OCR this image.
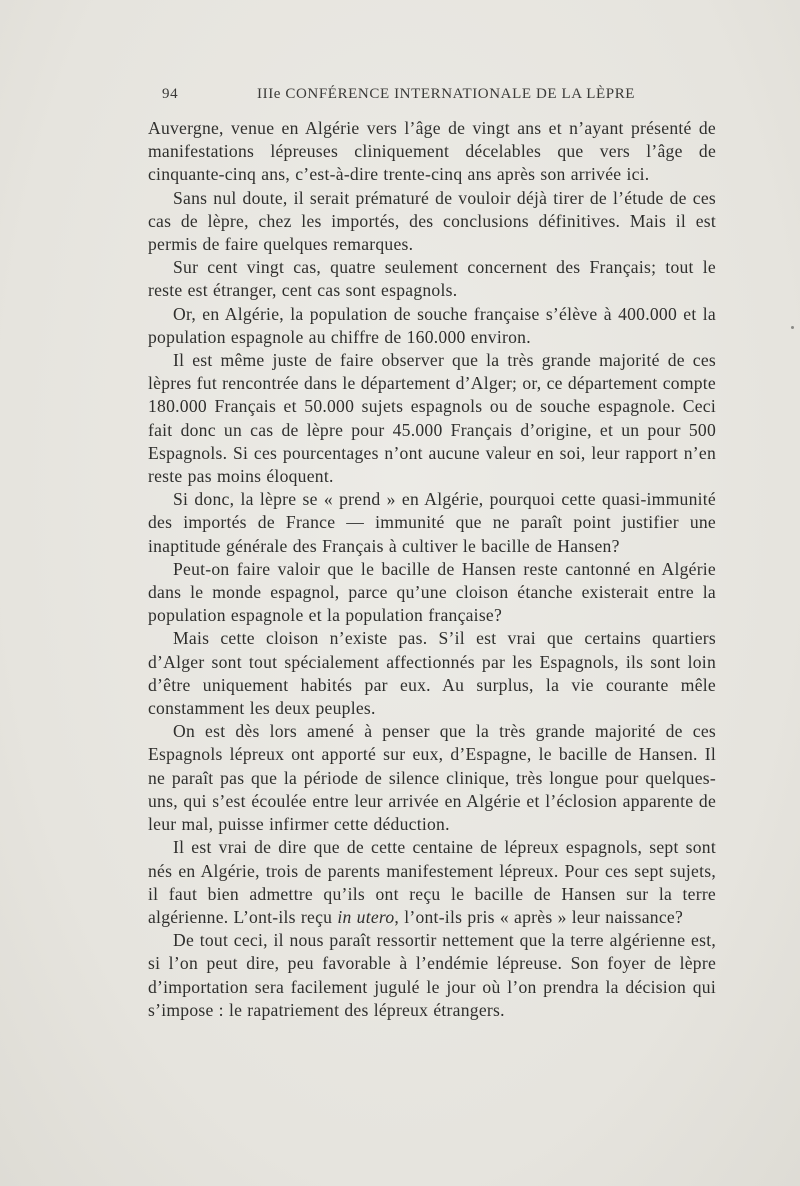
94	IIIe CONFÉRENCE INTERNATIONALE DE LA LÈPRE

Auvergne, venue en Algérie vers l’âge de vingt ans et n’ayant présenté de manifestations lépreuses cliniquement décelables que vers l’âge de cinquante-cinq ans, c’est-à-dire trente-cinq ans après son arrivée ici.

Sans nul doute, il serait prématuré de vouloir déjà tirer de l’étude de ces cas de lèpre, chez les importés, des conclusions définitives. Mais il est permis de faire quelques remarques.

Sur cent vingt cas, quatre seulement concernent des Français; tout le reste est étranger, cent cas sont espagnols.

Or, en Algérie, la population de souche française s’élève à 400.000 et la population espagnole au chiffre de 160.000 environ.

Il est même juste de faire observer que la très grande majorité de ces lèpres fut rencontrée dans le département d’Alger; or, ce département compte 180.000 Français et 50.000 sujets espagnols ou de souche espagnole. Ceci fait donc un cas de lèpre pour 45.000 Français d’origine, et un pour 500 Espagnols. Si ces pourcentages n’ont aucune valeur en soi, leur rapport n’en reste pas moins éloquent.

Si donc, la lèpre se « prend » en Algérie, pourquoi cette quasi-immunité des importés de France — immunité que ne paraît point justifier une inaptitude générale des Français à cultiver le bacille de Hansen?

Peut-on faire valoir que le bacille de Hansen reste cantonné en Algérie dans le monde espagnol, parce qu’une cloison étanche existerait entre la population espagnole et la population française?

Mais cette cloison n’existe pas. S’il est vrai que certains quartiers d’Alger sont tout spécialement affectionnés par les Espagnols, ils sont loin d’être uniquement habités par eux. Au surplus, la vie courante mêle constamment les deux peuples.

On est dès lors amené à penser que la très grande majorité de ces Espagnols lépreux ont apporté sur eux, d’Espagne, le bacille de Hansen. Il ne paraît pas que la période de silence clinique, très longue pour quelques-uns, qui s’est écoulée entre leur arrivée en Algérie et l’éclosion apparente de leur mal, puisse infirmer cette déduction.

Il est vrai de dire que de cette centaine de lépreux espagnols, sept sont nés en Algérie, trois de parents manifestement lépreux. Pour ces sept sujets, il faut bien admettre qu’ils ont reçu le bacille de Hansen sur la terre algérienne. L’ont-ils reçu in utero, l’ont-ils pris « après » leur naissance?

De tout ceci, il nous paraît ressortir nettement que la terre algérienne est, si l’on peut dire, peu favorable à l’endémie lépreuse. Son foyer de lèpre d’importation sera facilement jugulé le jour où l’on prendra la décision qui s’impose : le rapatriement des lépreux étrangers.
